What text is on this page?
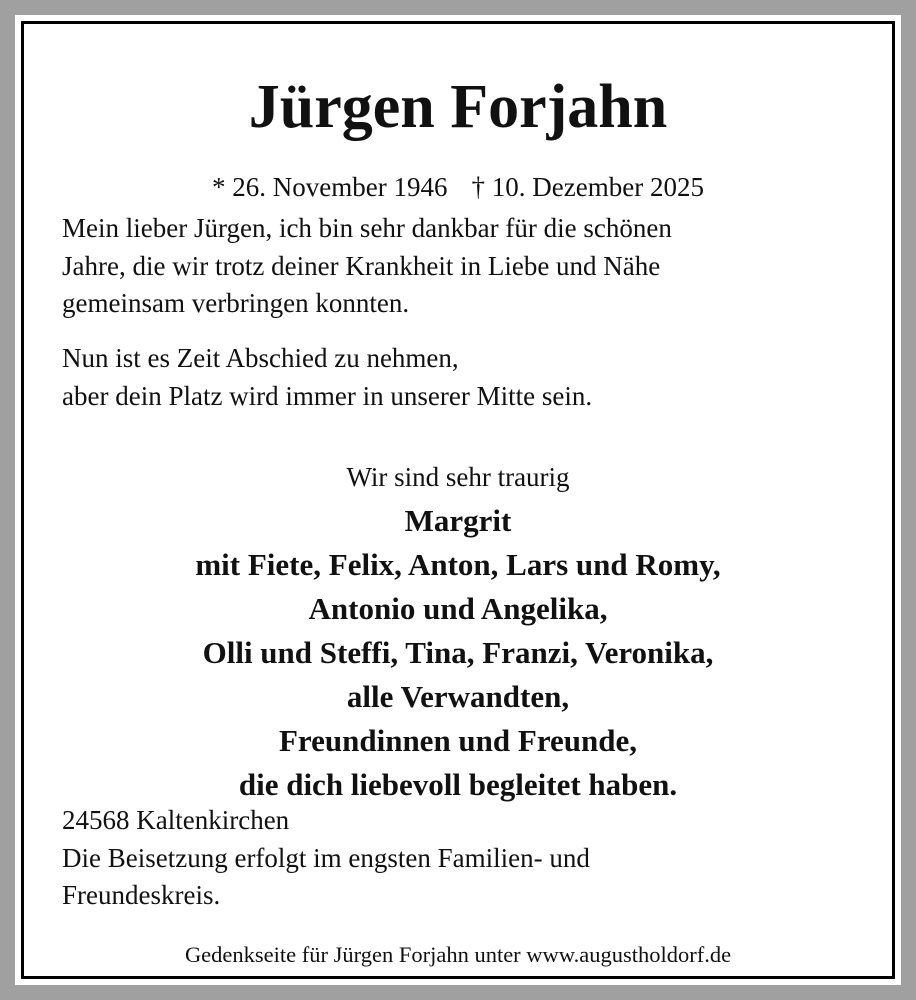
Jürgen Forjahn
* 26. November 1946 † 10. Dezember 2025
Mein lieber Jürgen, ich bin sehr dankbar für die schönen
Jahre, die wir trotz deiner Krankheit in Liebe und Nähe
gemeinsam verbringen konnten.
Nun ist es Zeit Abschied zu nehmen,
aber dein Platz wird immer in unserer Mitte sein.
Wir sind sehr traurig
Margrit
mit Fiete, Felix, Anton, Lars und Romy,
Antonio und Angelika,
Olli und Steffi, Tina, Franzi, Veronika,
alle Verwandten,
Freundinnen und Freunde,
die dich liebevoll begleitet haben.
24568 Kaltenkirchen
Die Beisetzung erfolgt im engsten Familien- und
Freundeskreis.
Gedenkseite für Jürgen Forjahn unter www.augustholdorf.de
